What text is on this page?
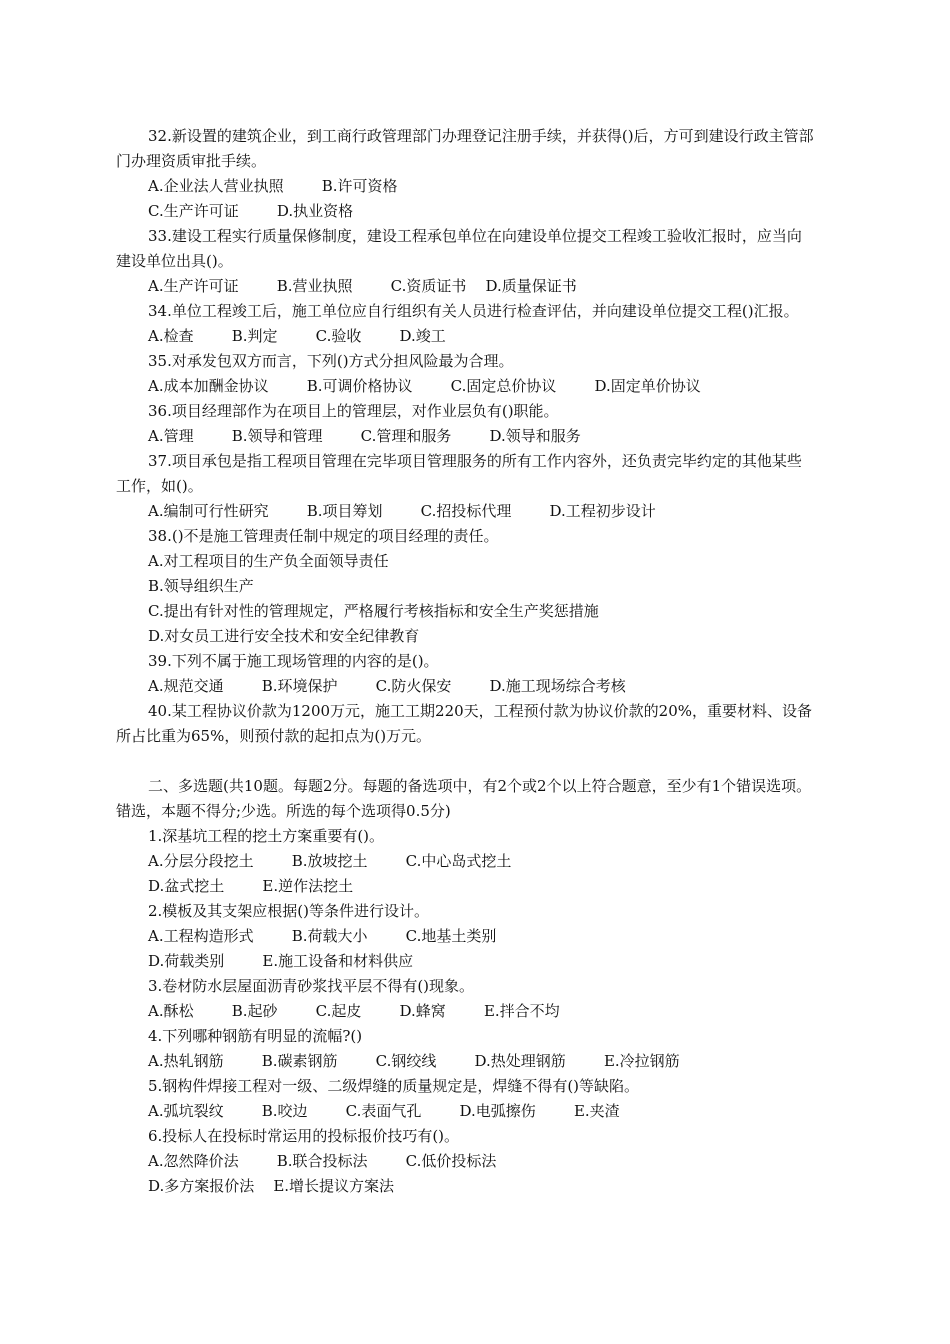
32.新设置的建筑企业，到工商行政管理部门办理登记注册手续，并获得()后，方可到建设行政主管部门办理资质审批手续。
A.企业法人营业执照        B.许可资格
C.生产许可证        D.执业资格
33.建设工程实行质量保修制度，建设工程承包单位在向建设单位提交工程竣工验收汇报时，应当向建设单位出具()。
A.生产许可证        B.营业执照        C.资质证书    D.质量保证书
34.单位工程竣工后，施工单位应自行组织有关人员进行检查评估，并向建设单位提交工程()汇报。
A.检查        B.判定        C.验收        D.竣工
35.对承发包双方而言，下列()方式分担风险最为合理。
A.成本加酬金协议        B.可调价格协议        C.固定总价协议        D.固定单价协议
36.项目经理部作为在项目上的管理层，对作业层负有()职能。
A.管理        B.领导和管理        C.管理和服务        D.领导和服务
37.项目承包是指工程项目管理在完毕项目管理服务的所有工作内容外，还负责完毕约定的其他某些工作，如()。
A.编制可行性研究        B.项目筹划        C.招投标代理        D.工程初步设计
38.()不是施工管理责任制中规定的项目经理的责任。
A.对工程项目的生产负全面领导责任
B.领导组织生产
C.提出有针对性的管理规定，严格履行考核指标和安全生产奖惩措施
D.对女员工进行安全技术和安全纪律教育
39.下列不属于施工现场管理的内容的是()。
A.规范交通        B.环境保护        C.防火保安        D.施工现场综合考核
40.某工程协议价款为1200万元，施工工期220天，工程预付款为协议价款的20%，重要材料、设备所占比重为65%，则预付款的起扣点为()万元。
二、多选题(共10题。每题2分。每题的备选项中，有2个或2个以上符合题意，至少有1个错误选项。错选，本题不得分;少选。所选的每个选项得0.5分)
1.深基坑工程的挖土方案重要有()。
A.分层分段挖土        B.放坡挖土        C.中心岛式挖土
D.盆式挖土        E.逆作法挖土
2.模板及其支架应根据()等条件进行设计。
A.工程构造形式        B.荷载大小        C.地基土类别
D.荷载类别        E.施工设备和材料供应
3.卷材防水层屋面沥青砂浆找平层不得有()现象。
A.酥松        B.起砂        C.起皮        D.蜂窝        E.拌合不均
4.下列哪种钢筋有明显的流幅?()
A.热轧钢筋        B.碳素钢筋        C.钢绞线        D.热处理钢筋        E.冷拉钢筋
5.钢构件焊接工程对一级、二级焊缝的质量规定是，焊缝不得有()等缺陷。
A.弧坑裂纹        B.咬边        C.表面气孔        D.电弧擦伤        E.夹渣
6.投标人在投标时常运用的投标报价技巧有()。
A.忽然降价法        B.联合投标法        C.低价投标法
D.多方案报价法    E.增长提议方案法
